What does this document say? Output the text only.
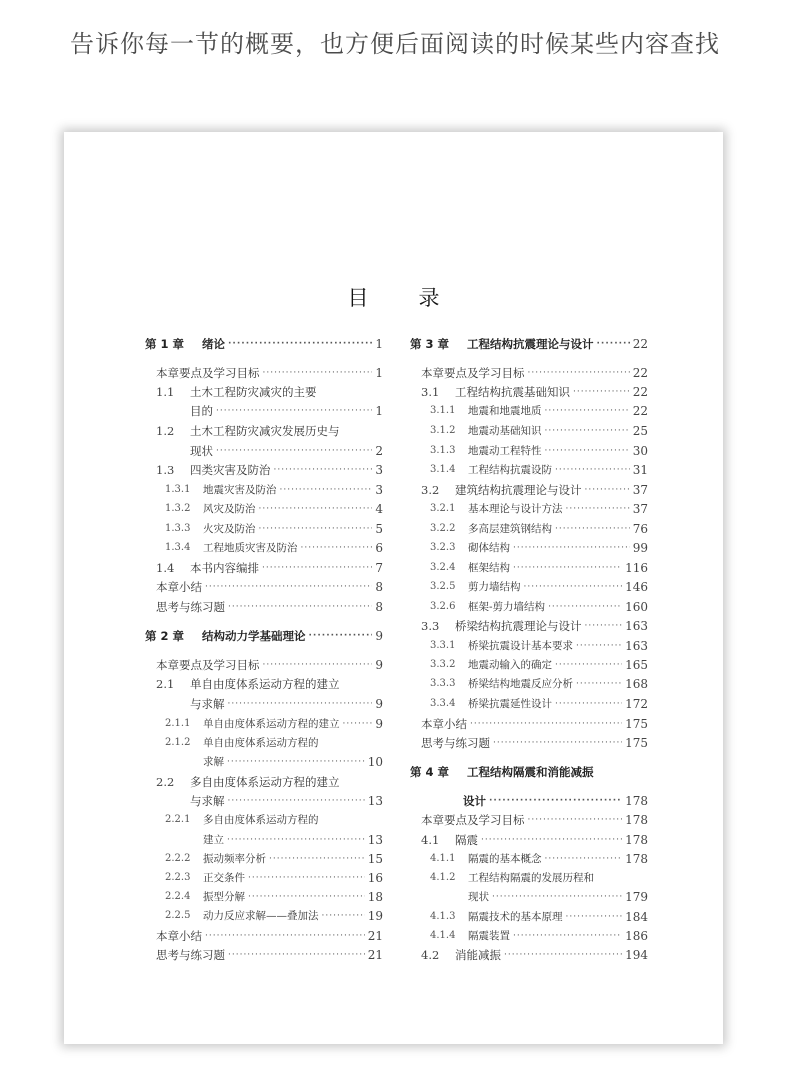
告诉你每一节的概要，也方便后面阅读的时候某些内容查找
目 录
第 1 章 绪论 ·····	1
本章要点及学习目标 ·····	1
1.1	土木工程防灾减灾的主要
目的 ·····	1
1.2	土木工程防灾减灾发展历史与
现状 ·····	2
1.3	四类灾害及防治 ·····	3
1.3.1	地震灾害及防治 ·····	3
1.3.2	风灾及防治 ·····	4
1.3.3	火灾及防治 ·····	5
1.3.4	工程地质灾害及防治 ·····	6
1.4	本书内容编排 ·····	7
本章小结 ·····	8
思考与练习题 ·····	8
第 2 章 结构动力学基础理论 ·····	9
本章要点及学习目标 ·····	9
2.1	单自由度体系运动方程的建立
与求解 ·····	9
2.1.1	单自由度体系运动方程的建立 ·····	9
2.1.2	单自由度体系运动方程的
求解 ·····	10
2.2	多自由度体系运动方程的建立
与求解 ·····	13
2.2.1	多自由度体系运动方程的
建立 ·····	13
2.2.2	振动频率分析 ·····	15
2.2.3	正交条件 ·····	16
2.2.4	振型分解 ·····	18
2.2.5	动力反应求解——叠加法 ·····	19
本章小结 ·····	21
思考与练习题 ·····	21
第 3 章 工程结构抗震理论与设计 ·····	22
本章要点及学习目标 ·····	22
3.1	工程结构抗震基础知识 ·····	22
3.1.1	地震和地震地质 ·····	22
3.1.2	地震动基础知识 ·····	25
3.1.3	地震动工程特性 ·····	30
3.1.4	工程结构抗震设防 ·····	31
3.2	建筑结构抗震理论与设计 ·····	37
3.2.1	基本理论与设计方法 ·····	37
3.2.2	多高层建筑钢结构 ·····	76
3.2.3	砌体结构 ·····	99
3.2.4	框架结构 ·····	116
3.2.5	剪力墙结构 ·····	146
3.2.6	框架-剪力墙结构 ·····	160
3.3	桥梁结构抗震理论与设计 ·····	163
3.3.1	桥梁抗震设计基本要求 ·····	163
3.3.2	地震动输入的确定 ·····	165
3.3.3	桥梁结构地震反应分析 ·····	168
3.3.4	桥梁抗震延性设计 ·····	172
本章小结 ·····	175
思考与练习题 ·····	175
第 4 章 工程结构隔震和消能减振
设计 ·····	178
本章要点及学习目标 ·····	178
4.1	隔震 ·····	178
4.1.1	隔震的基本概念 ·····	178
4.1.2	工程结构隔震的发展历程和
现状 ·····	179
4.1.3	隔震技术的基本原理 ·····	184
4.1.4	隔震装置 ·····	186
4.2	消能减振 ·····	194
